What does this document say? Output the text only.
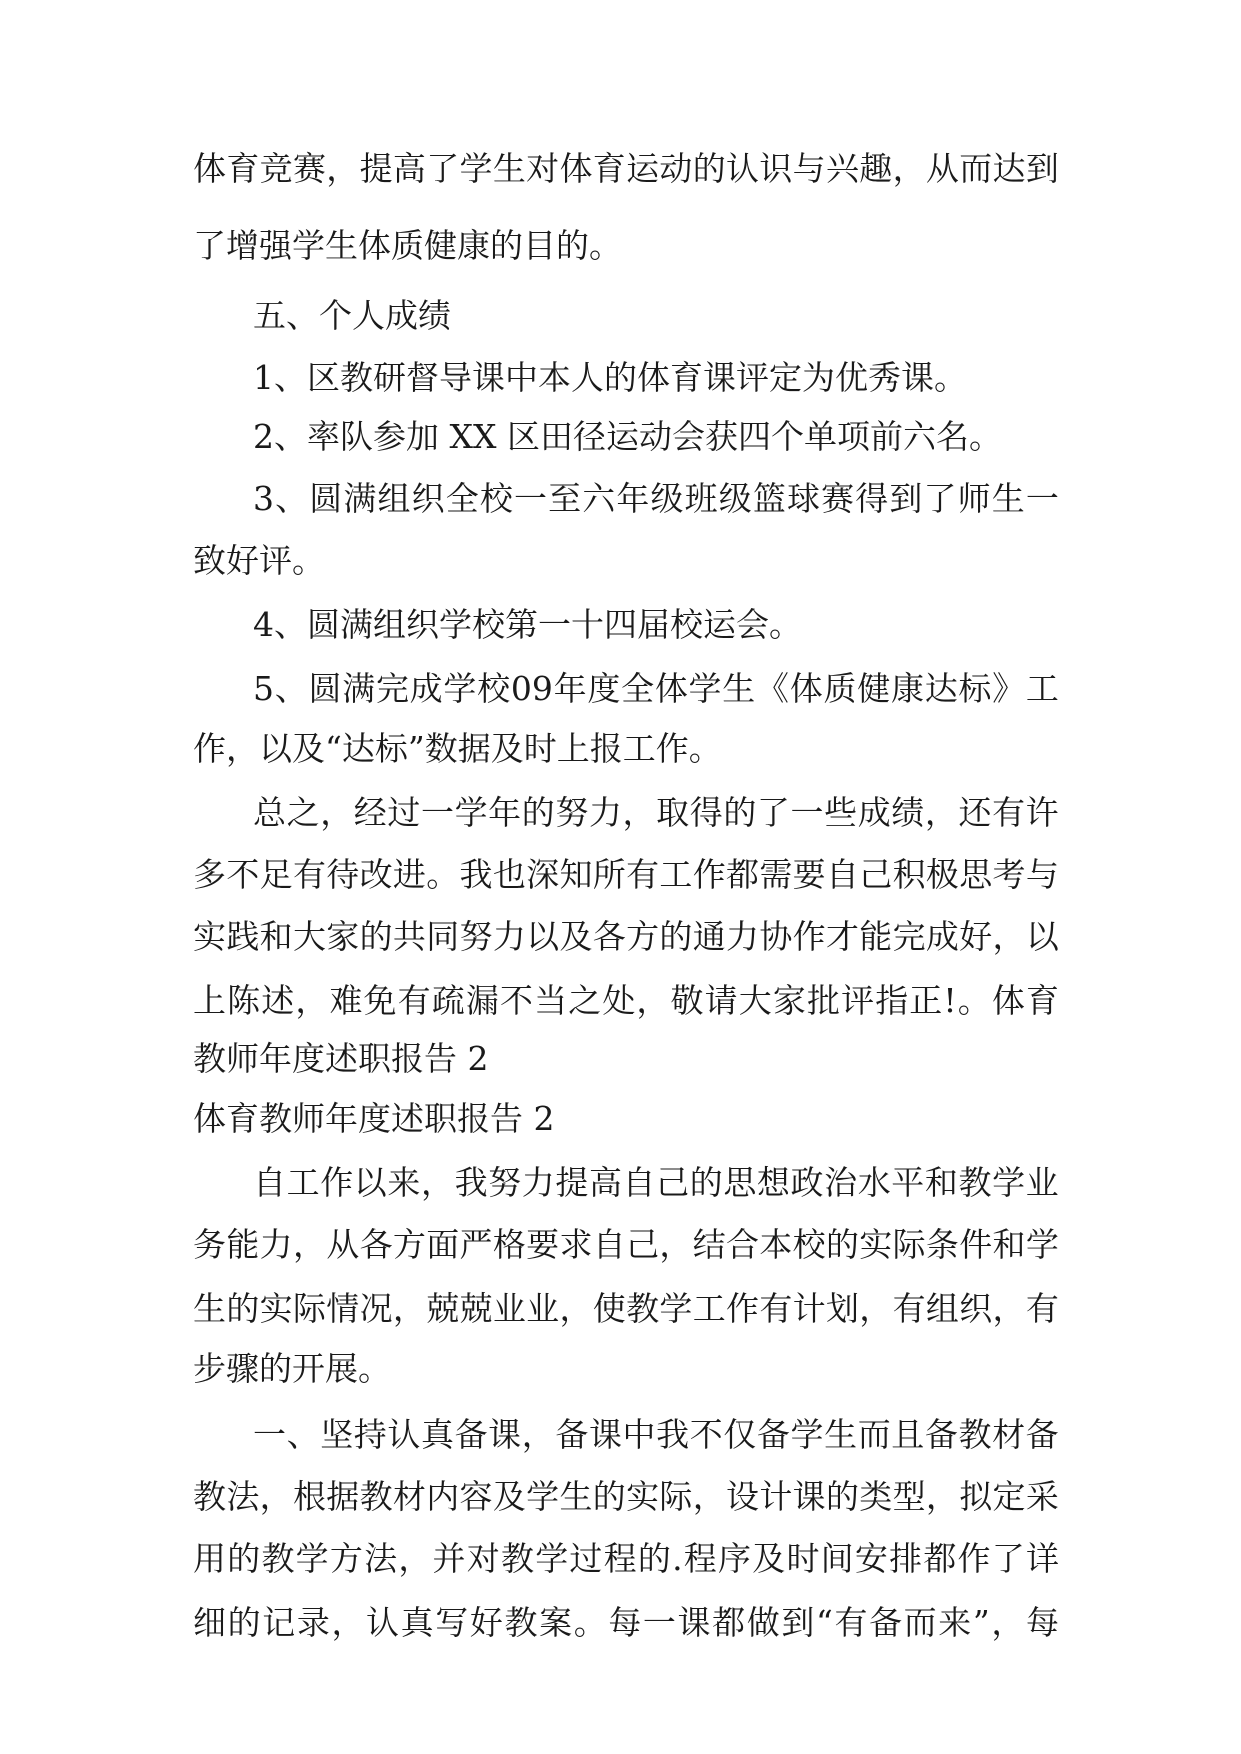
体 育 竞 赛 ， 提 高 了 学 生 对 体 育 运 动 的 认 识 与 兴 趣 ， 从 而 达 到
了增强学生体质健康的目的。
五、个人成绩
1、区教研督导课中本人的体育课评定为优秀课。
2、率队参加 XX 区田径运动会获四个单项前六名。
3 、 圆 满 组 织 全 校 一 至 六 年 级 班 级 篮 球 赛 得 到 了 师 生 一
致好评。
4、圆满组织学校第一十四届校运会。
5 、 圆 满 完 成 学 校 09 年 度 全 体 学 生 《 体 质 健 康 达 标 》 工
作，以及“达标”数据及时上报工作。
总 之 ， 经 过 一 学 年 的 努 力 ， 取 得 的 了 一 些 成 绩 ， 还 有 许
多 不 足 有 待 改 进 。 我 也 深 知 所 有 工 作 都 需 要 自 己 积 极 思 考 与
实 践 和 大 家 的 共 同 努 力 以 及 各 方 的 通 力 协 作 才 能 完 成 好 ， 以
上 陈 述 ， 难 免 有 疏 漏 不 当 之 处 ， 敬 请 大 家 批 评 指 正 ! 。 体 育
教师年度述职报告 2
体育教师年度述职报告 2
自 工 作 以 来 ， 我 努 力 提 高 自 己 的 思 想 政 治 水 平 和 教 学 业
务 能 力 ， 从 各 方 面 严 格 要 求 自 己 ， 结 合 本 校 的 实 际 条 件 和 学
生 的 实 际 情 况 ， 兢 兢 业 业 ， 使 教 学 工 作 有 计 划 ， 有 组 织 ， 有
步骤的开展。
一 、 坚 持 认 真 备 课 ， 备 课 中 我 不 仅 备 学 生 而 且 备 教 材 备
教 法 ， 根 据 教 材 内 容 及 学 生 的 实 际 ， 设 计 课 的 类 型 ， 拟 定 采
用 的 教 学 方 法 ， 并 对 教 学 过 程 的 . 程 序 及 时 间 安 排 都 作 了 详
细 的 记 录 ， 认 真 写 好 教 案 。 每 一 课 都 做 到 “ 有 备 而 来 ” ， 每
